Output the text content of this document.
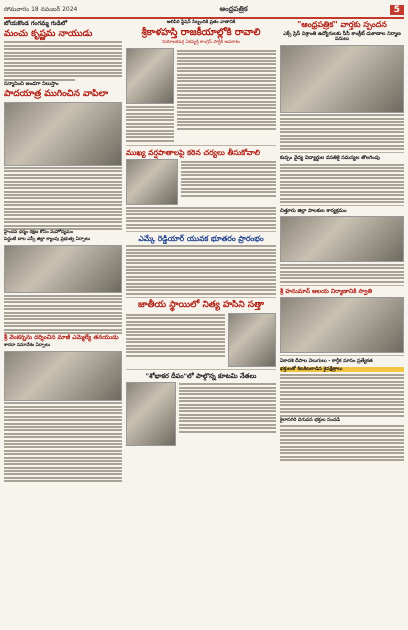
సోమవారం 18 నవంబర్ 2024	ఆంధ్రపత్రిక	5
బోయకొండ గంగమ్మ గుడిలో
మంచు కృష్ణమ నాయుడు
సన్మానించి అండగా నిలుస్తాం
పాదయాత్ర ముగించిన వాపిలా
హైందవ ధర్మం రక్షణ కోసం మహోద్యమం
పెద్దంటి బాల ఎస్సీ జిల్లా క్యాంపు ప్రభుత్వ ఏర్పాటు
శ్రీ వెంకన్నను దర్శించిన మాజీ ఎమ్మెల్యే తనయుడు
శారదా సమావేశం ఏర్పాటు
అలిపిరి స్టేషన్ సిబ్బందికి వ్రతం వాతానికి
శ్రీకాళహస్తి రాజకీయాల్లోకి రావాలి
నియోజకవర్గ ఏకవ్యక్తి కాంగ్రెస్ పార్టీకి అవకాశం
ముఖ్య వర్షపాతాలపై కఠిన చర్యలు తీసుకోవాలి
ఎమ్కే రెడ్డియార్ యువక భూతరం ప్రారంభం
జాతీయ స్థాయిలో నిత్య హసిని సత్తా
"శోభాకర దీపం"లో పాల్గొన్న కూటమి నేతలు
"ఆంధ్రపత్రిక" వార్తకు స్పందన
ఎక్స్ ప్రెస్ విశ్రాంతి ఉద్యోగులకు సీసీ కాంక్రీట్ దుకాణాల నిర్మాణ పనులు
కుప్పం వైద్య విద్యార్థుల వసతికై సమస్యల తొలగింపు
చిత్తూరు జిల్లా పాలకుల కార్యక్రమం
శ్రీ హనుమాన్ ఆలయ నిర్మాణానికి స్వాతి
ఏకాదశి దీపాల వెలుగులు - కార్తీక మాసం ప్రత్యేకత
భక్తులతో కిటకిటలాడిన శైవక్షేత్రాలు
కైలాసగిరి దిగువన భక్తుల సందడి
